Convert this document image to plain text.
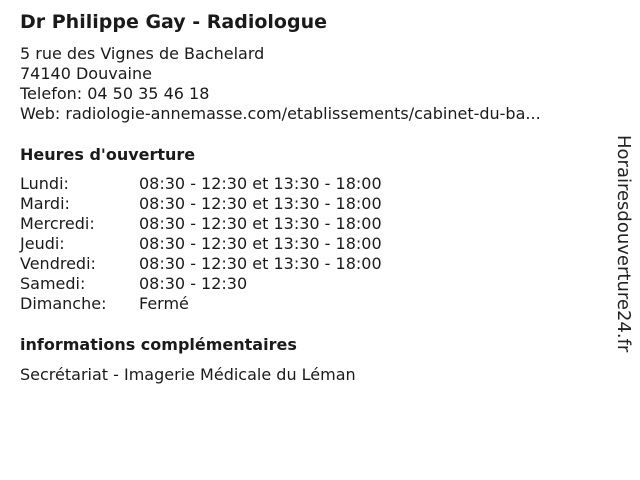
Dr Philippe Gay - Radiologue
5 rue des Vignes de Bachelard
74140 Douvaine
Telefon: 04 50 35 46 18
Web: radiologie-annemasse.com/etablissements/cabinet-du-ba...
Heures d'ouverture
Lundi:	08:30 - 12:30 et 13:30 - 18:00
Mardi:	08:30 - 12:30 et 13:30 - 18:00
Mercredi:	08:30 - 12:30 et 13:30 - 18:00
Jeudi:	08:30 - 12:30 et 13:30 - 18:00
Vendredi:	08:30 - 12:30 et 13:30 - 18:00
Samedi:	08:30 - 12:30
Dimanche: Fermé
informations complémentaires
Secrétariat - Imagerie Médicale du Léman
Horairesdouverture24.fr
